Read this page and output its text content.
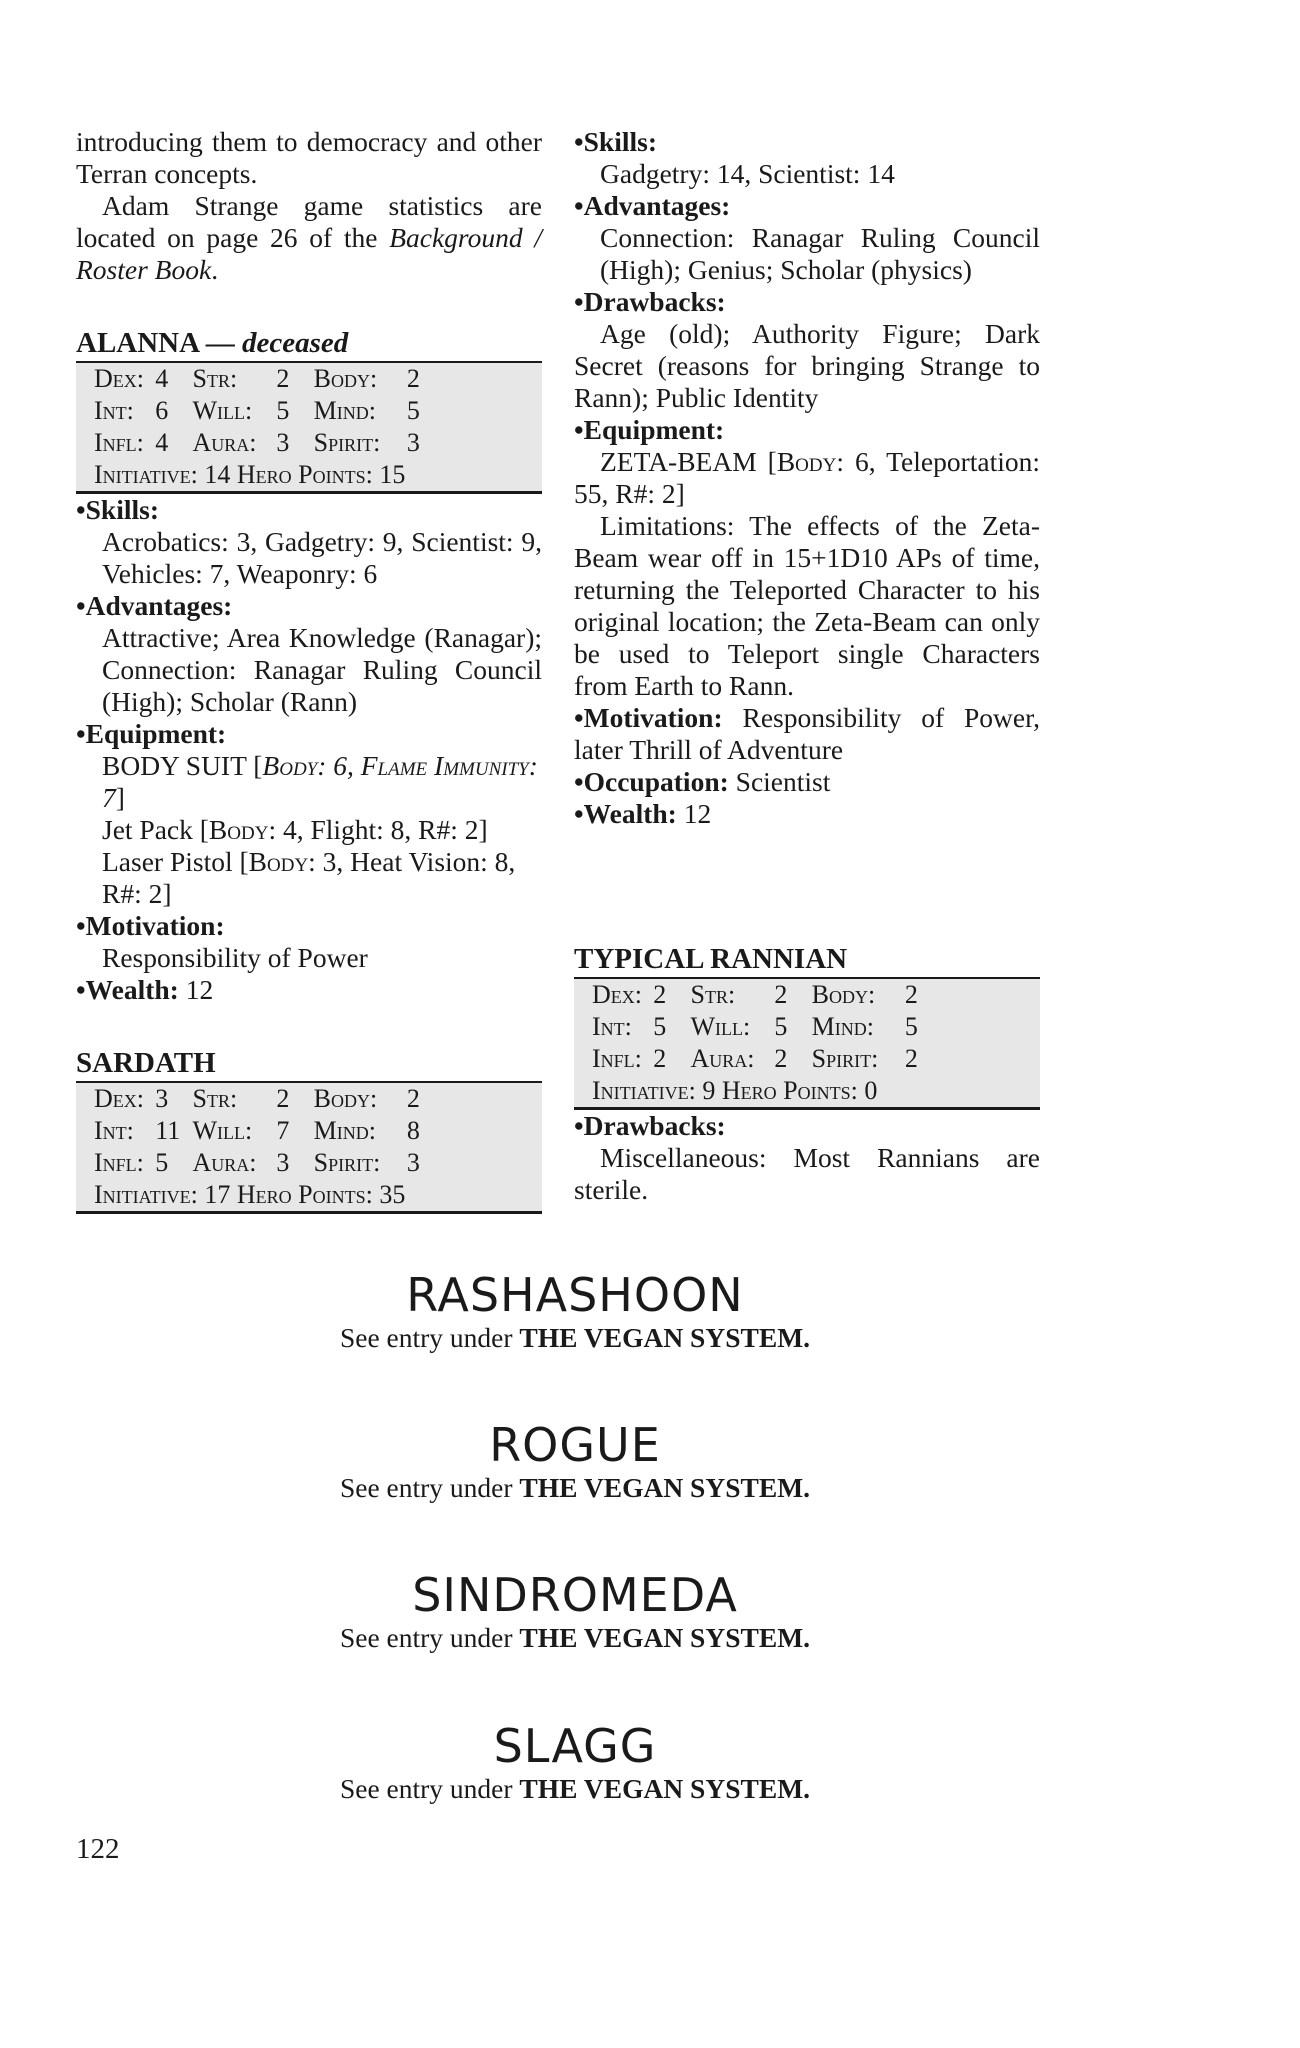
introducing them to democracy and other Terran concepts.

Adam Strange game statistics are located on page 26 of the Background / Roster Book.

ALANNA — deceased
Dex:	4	Str:	2	Body:	2
Int:	6	Will:	5	Mind:	5
Infl:	4	Aura:	3	Spirit:	3
Initiative: 14 Hero Points: 15					

•Skills:

Acrobatics: 3, Gadgetry: 9, Scientist: 9, Vehicles: 7, Weaponry: 6

•Advantages:

Attractive; Area Knowledge (Ranagar); Connection: Ranagar Ruling Council (High); Scholar (Rann)

•Equipment:

BODY SUIT [Body: 6, Flame Immunity: 7]

Jet Pack [Body: 4, Flight: 8, R#: 2]

Laser Pistol [Body: 3, Heat Vision: 8, R#: 2]

•Motivation:

Responsibility of Power

•Wealth: 12

SARDATH
Dex:	3	Str:	2	Body:	2
Int:	11	Will:	7	Mind:	8
Infl:	5	Aura:	3	Spirit:	3
Initiative: 17 Hero Points: 35					

•Skills:

Gadgetry: 14, Scientist: 14

•Advantages:

Connection: Ranagar Ruling Council (High); Genius; Scholar (physics)

•Drawbacks:

Age (old); Authority Figure; Dark Secret (reasons for bringing Strange to Rann); Public Identity

•Equipment:

ZETA-BEAM [Body: 6, Teleportation: 55, R#: 2]

Limitations: The effects of the Zeta-Beam wear off in 15+1D10 APs of time, returning the Teleported Character to his original location; the Zeta-Beam can only be used to Teleport single Characters from Earth to Rann.

•Motivation: Responsibility of Power, later Thrill of Adventure

•Occupation: Scientist

•Wealth: 12

TYPICAL RANNIAN
Dex:	2	Str:	2	Body:	2
Int:	5	Will:	5	Mind:	5
Infl:	2	Aura:	2	Spirit:	2
Initiative: 9 Hero Points: 0					

•Drawbacks:

Miscellaneous: Most Rannians are sterile.

RASHASHOON
See entry under THE VEGAN SYSTEM.
ROGUE
See entry under THE VEGAN SYSTEM.
SINDROMEDA
See entry under THE VEGAN SYSTEM.
SLAGG
See entry under THE VEGAN SYSTEM.
122
